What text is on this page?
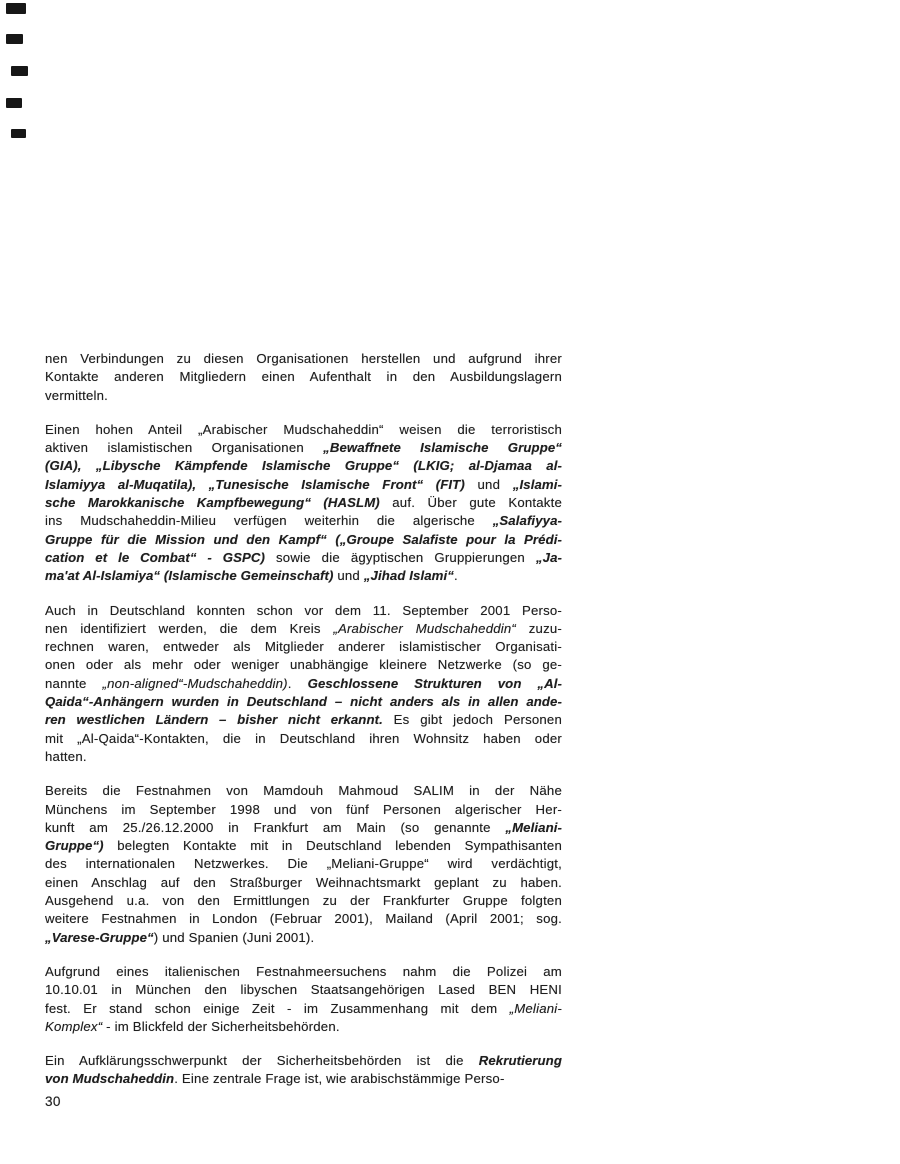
nen Verbindungen zu diesen Organisationen herstellen und aufgrund ihrer
Kontakte anderen Mitgliedern einen Aufenthalt in den Ausbildungslagern
vermitteln.

Einen hohen Anteil „Arabischer Mudschaheddin“ weisen die terroristisch
aktiven islamistischen Organisationen „Bewaffnete Islamische Gruppe“
(GIA), „Libysche Kämpfende Islamische Gruppe“ (LKIG; al-Djamaa al-
Islamiyya al-Muqatila), „Tunesische Islamische Front“ (FIT) und „Islami-
sche Marokkanische Kampfbewegung“ (HASLM) auf. Über gute Kontakte
ins Mudschaheddin-Milieu verfügen weiterhin die algerische „Salafiyya-
Gruppe für die Mission und den Kampf“ („Groupe Salafiste pour la Prédi-
cation et le Combat“ - GSPC) sowie die ägyptischen Gruppierungen „Ja-
ma'at Al-Islamiya“ (Islamische Gemeinschaft) und „Jihad Islami“.

Auch in Deutschland konnten schon vor dem 11. September 2001 Perso-
nen identifiziert werden, die dem Kreis „Arabischer Mudschaheddin“ zuzu-
rechnen waren, entweder als Mitglieder anderer islamistischer Organisati-
onen oder als mehr oder weniger unabhängige kleinere Netzwerke (so ge-
nannte „non-aligned“-Mudschaheddin). Geschlossene Strukturen von „Al-
Qaida“-Anhängern wurden in Deutschland – nicht anders als in allen ande-
ren westlichen Ländern – bisher nicht erkannt. Es gibt jedoch Personen
mit „Al-Qaida“-Kontakten, die in Deutschland ihren Wohnsitz haben oder
hatten.

Bereits die Festnahmen von Mamdouh Mahmoud SALIM in der Nähe
Münchens im September 1998 und von fünf Personen algerischer Her-
kunft am 25./26.12.2000 in Frankfurt am Main (so genannte „Meliani-
Gruppe“) belegten Kontakte mit in Deutschland lebenden Sympathisanten
des internationalen Netzwerkes. Die „Meliani-Gruppe“ wird verdächtigt,
einen Anschlag auf den Straßburger Weihnachtsmarkt geplant zu haben.
Ausgehend u.a. von den Ermittlungen zu der Frankfurter Gruppe folgten
weitere Festnahmen in London (Februar 2001), Mailand (April 2001; sog.
„Varese-Gruppe“) und Spanien (Juni 2001).

Aufgrund eines italienischen Festnahmeersuchens nahm die Polizei am
10.10.01 in München den libyschen Staatsangehörigen Lased BEN HENI
fest. Er stand schon einige Zeit - im Zusammenhang mit dem „Meliani-
Komplex“ - im Blickfeld der Sicherheitsbehörden.

Ein Aufklärungsschwerpunkt der Sicherheitsbehörden ist die Rekrutierung
von Mudschaheddin. Eine zentrale Frage ist, wie arabischstämmige Perso-

30
